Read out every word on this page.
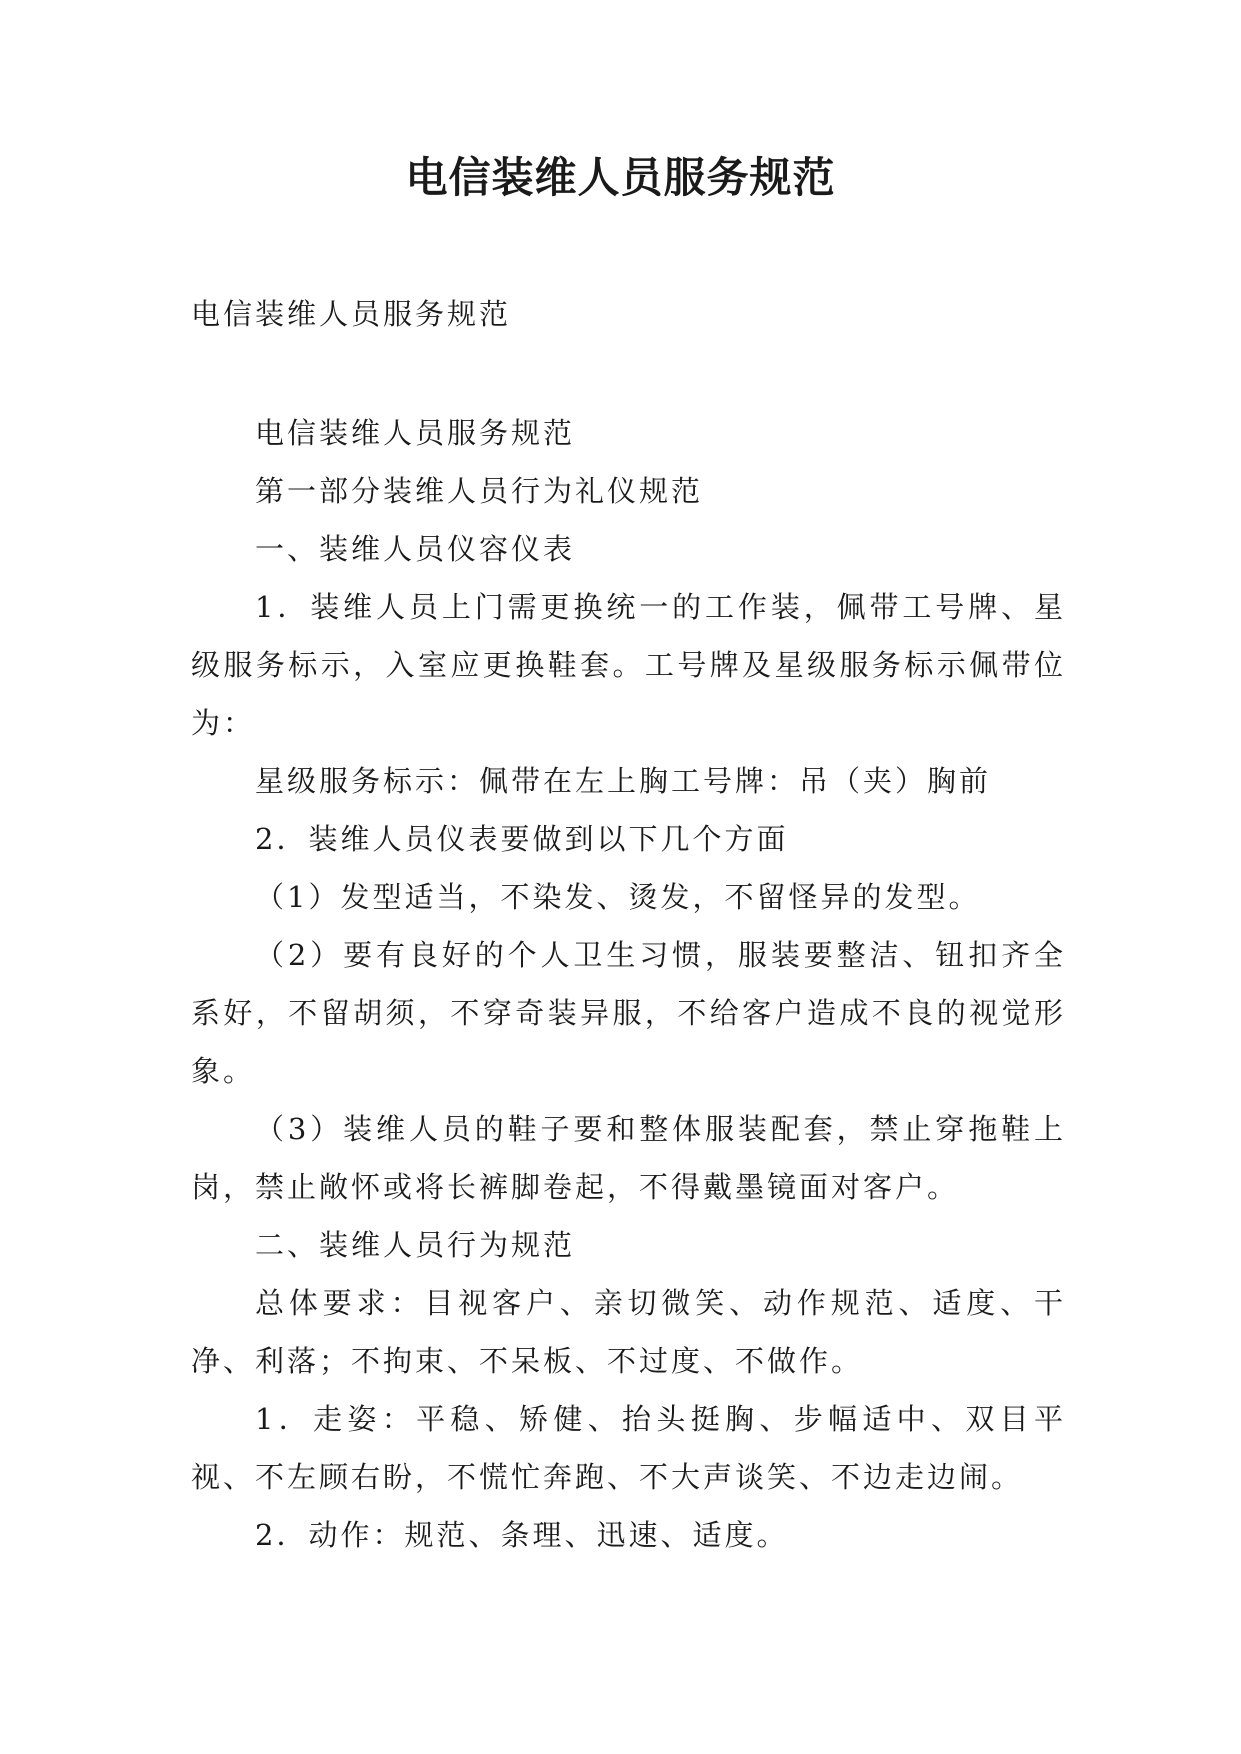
电信装维人员服务规范

电信装维人员服务规范

电信装维人员服务规范

第一部分装维人员行为礼仪规范

一、装维人员仪容仪表

1．装维人员上门需更换统一的工作装，佩带工号牌、星级服务标示，入室应更换鞋套。工号牌及星级服务标示佩带位为：

星级服务标示：佩带在左上胸工号牌：吊（夹）胸前

2．装维人员仪表要做到以下几个方面

（1）发型适当，不染发、烫发，不留怪异的发型。

（2）要有良好的个人卫生习惯，服装要整洁、钮扣齐全系好，不留胡须，不穿奇装异服，不给客户造成不良的视觉形象。

（3）装维人员的鞋子要和整体服装配套，禁止穿拖鞋上岗，禁止敞怀或将长裤脚卷起，不得戴墨镜面对客户。

二、装维人员行为规范

总体要求：目视客户、亲切微笑、动作规范、适度、干净、利落；不拘束、不呆板、不过度、不做作。

1．走姿：平稳、矫健、抬头挺胸、步幅适中、双目平视、不左顾右盼，不慌忙奔跑、不大声谈笑、不边走边闹。

2．动作：规范、条理、迅速、适度。
